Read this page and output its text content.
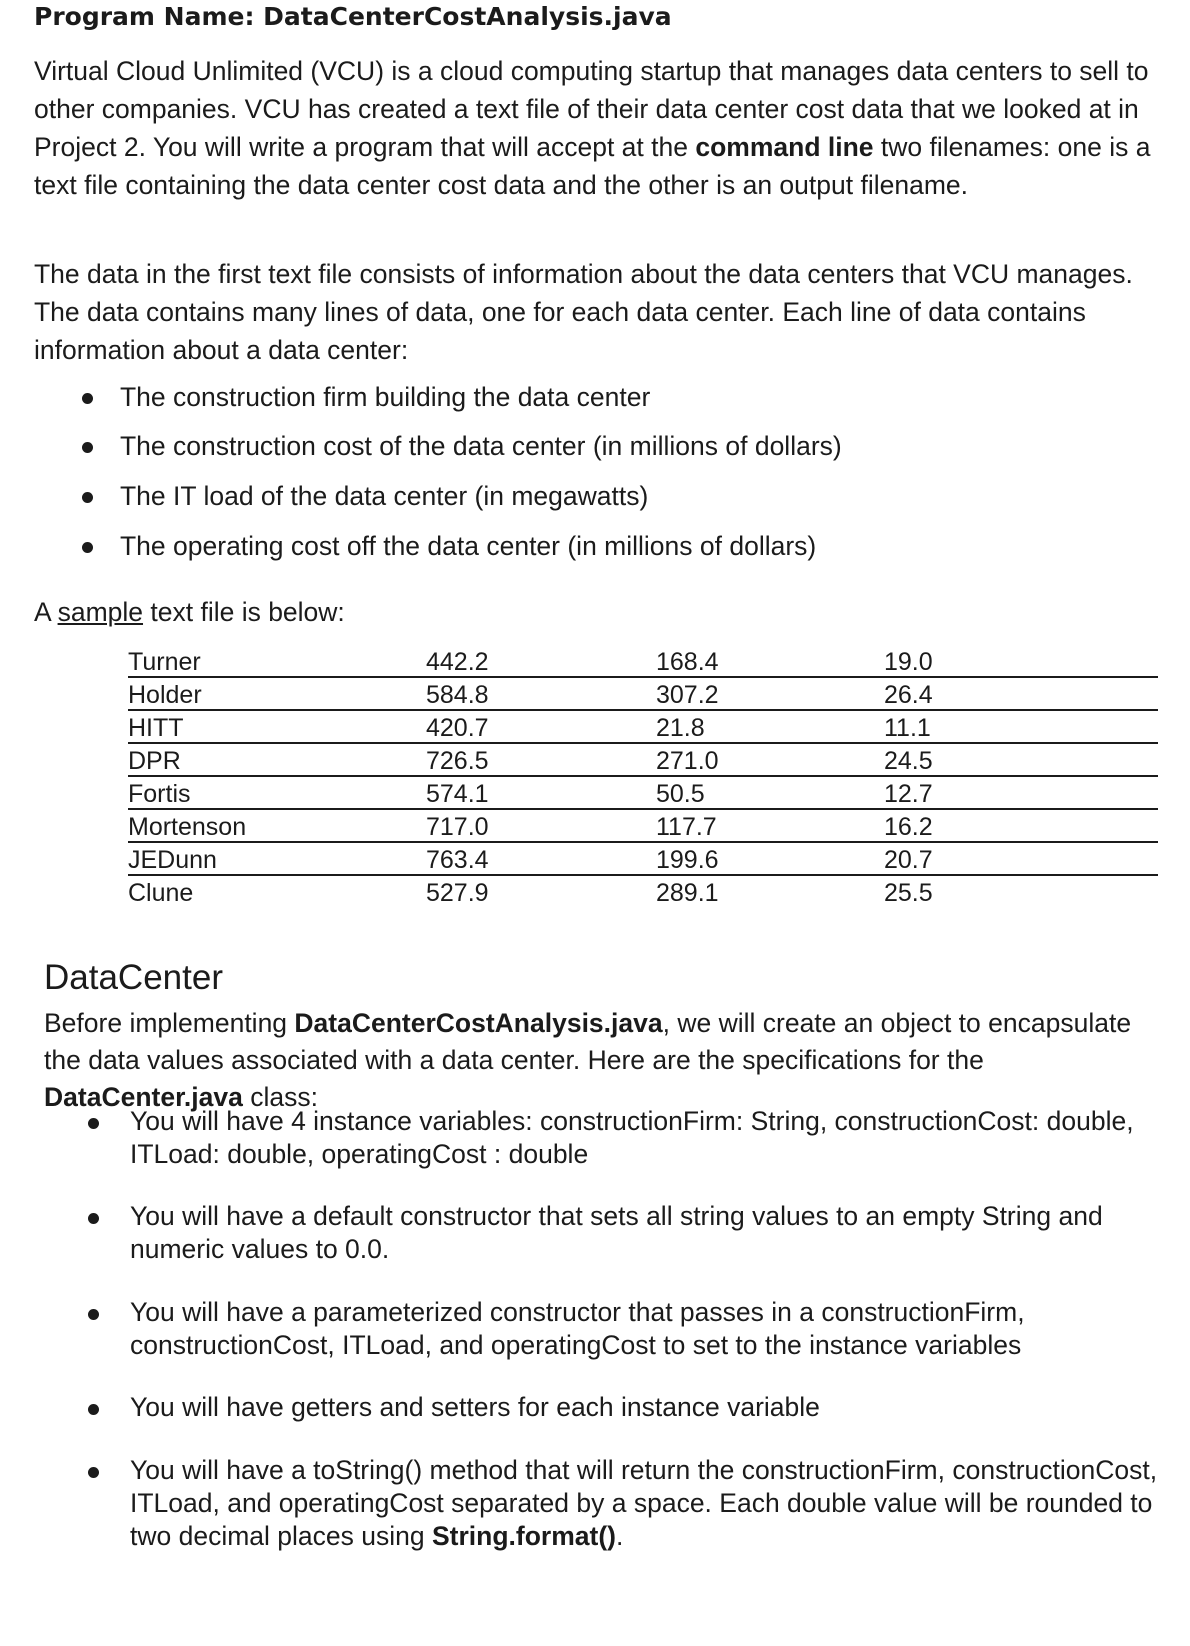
Program Name: DataCenterCostAnalysis.java

Virtual Cloud Unlimited (VCU) is a cloud computing startup that manages data centers to sell to other companies. VCU has created a text file of their data center cost data that we looked at in Project 2. You will write a program that will accept at the command line two filenames: one is a text file containing the data center cost data and the other is an output filename.

The data in the first text file consists of information about the data centers that VCU manages. The data contains many lines of data, one for each data center. Each line of data contains information about a data center:

The construction firm building the data center
The construction cost of the data center (in millions of dollars)
The IT load of the data center (in megawatts)
The operating cost off the data center (in millions of dollars)
A sample text file is below:
Turner	442.2	168.4	19.0
Holder	584.8	307.2	26.4
HITT	420.7	21.8	11.1
DPR	726.5	271.0	24.5
Fortis	574.1	50.5	12.7
Mortenson	717.0	117.7	16.2
JEDunn	763.4	199.6	20.7
Clune	527.9	289.1	25.5
DataCenter

Before implementing DataCenterCostAnalysis.java, we will create an object to encapsulate the data values associated with a data center. Here are the specifications for the DataCenter.java class:

You will have 4 instance variables: constructionFirm: String, constructionCost: double, ITLoad: double, operatingCost : double
You will have a default constructor that sets all string values to an empty String and numeric values to 0.0.
You will have a parameterized constructor that passes in a constructionFirm, constructionCost, ITLoad, and operatingCost to set to the instance variables
You will have getters and setters for each instance variable
You will have a toString() method that will return the constructionFirm, constructionCost, ITLoad, and operatingCost separated by a space. Each double value will be rounded to two decimal places using String.format().
